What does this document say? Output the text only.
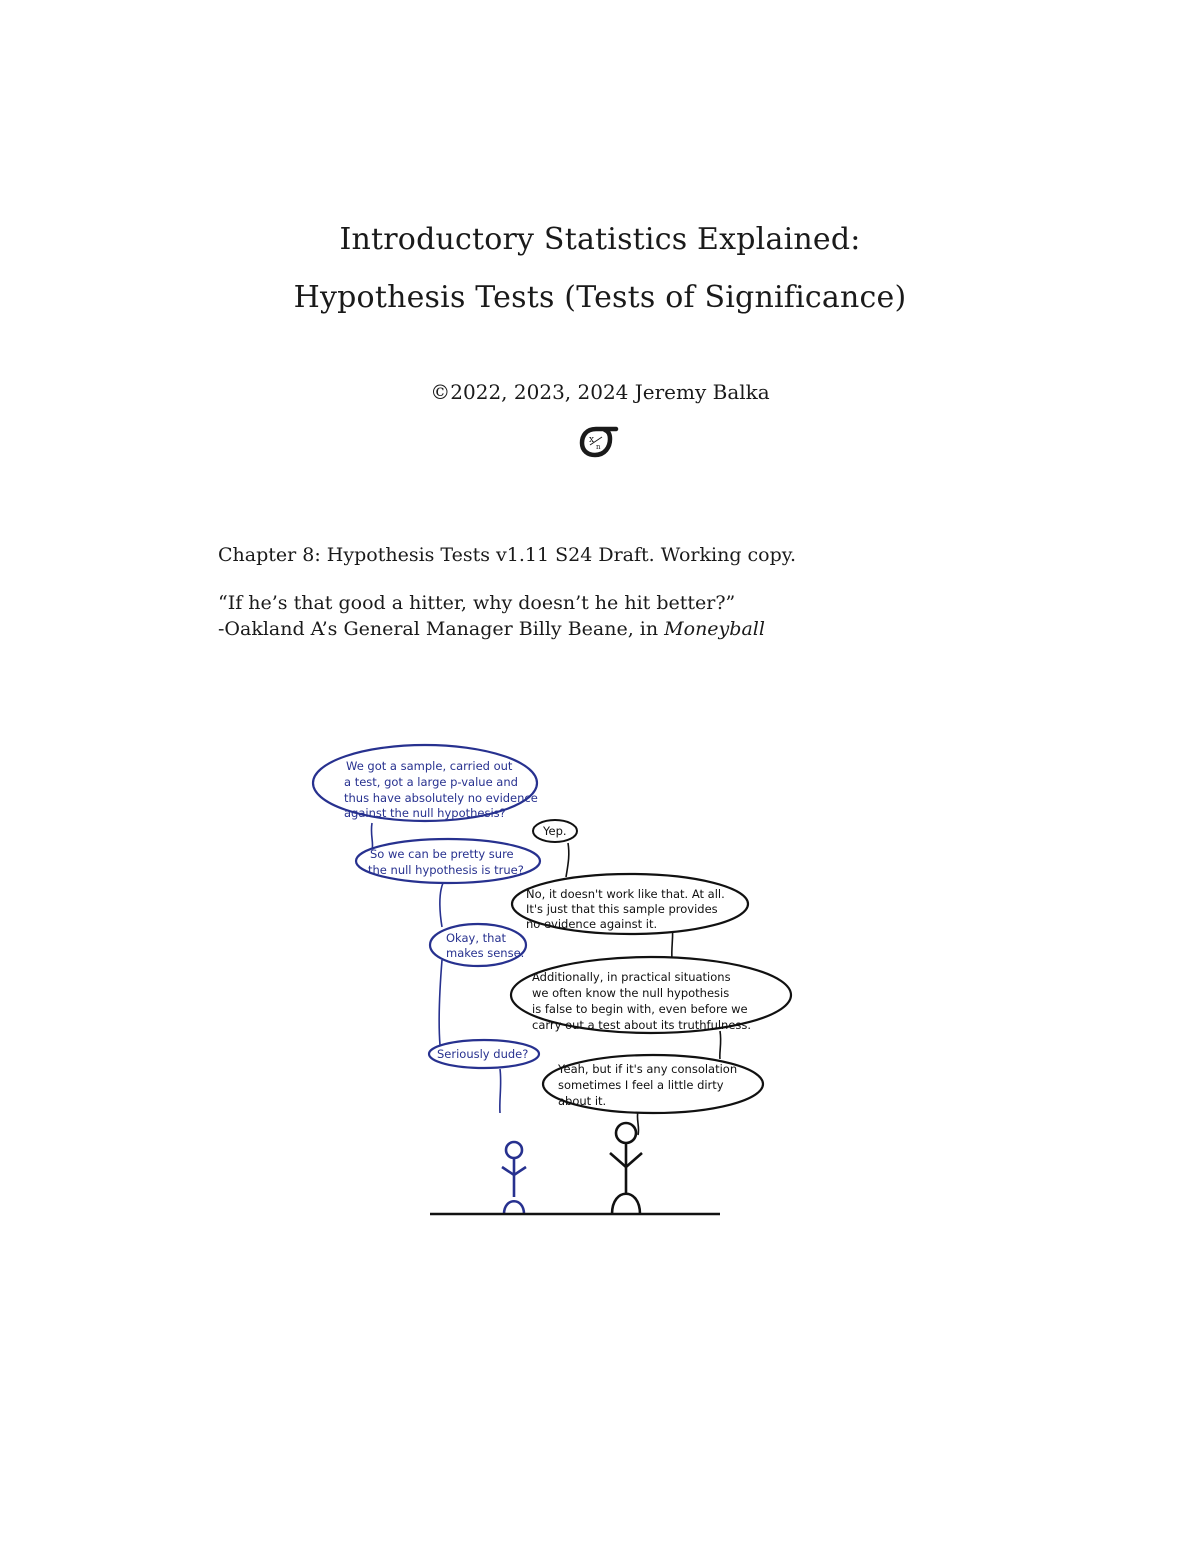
Introductory Statistics Explained:
Hypothesis Tests (Tests of Significance)
©2022, 2023, 2024 Jeremy Balka
x
n
Chapter 8: Hypothesis Tests v1.11 S24 Draft. Working copy.
“If he’s that good a hitter, why doesn’t he hit better?”
-Oakland A’s General Manager Billy Beane, in Moneyball
We got a sample, carried out a test, got a large p-value and thus have absolutely no evidence against the null hypothesis?
Yep.
So we can be pretty sure the null hypothesis is true?
No, it doesn't work like that. At all. It's just that this sample provides no evidence against it.
Okay, that makes sense.
Additionally, in practical situations we often know the null hypothesis is false to begin with, even before we carry out a test about its truthfulness.
Seriously dude?
Yeah, but if it's any consolation sometimes I feel a little dirty about it.
